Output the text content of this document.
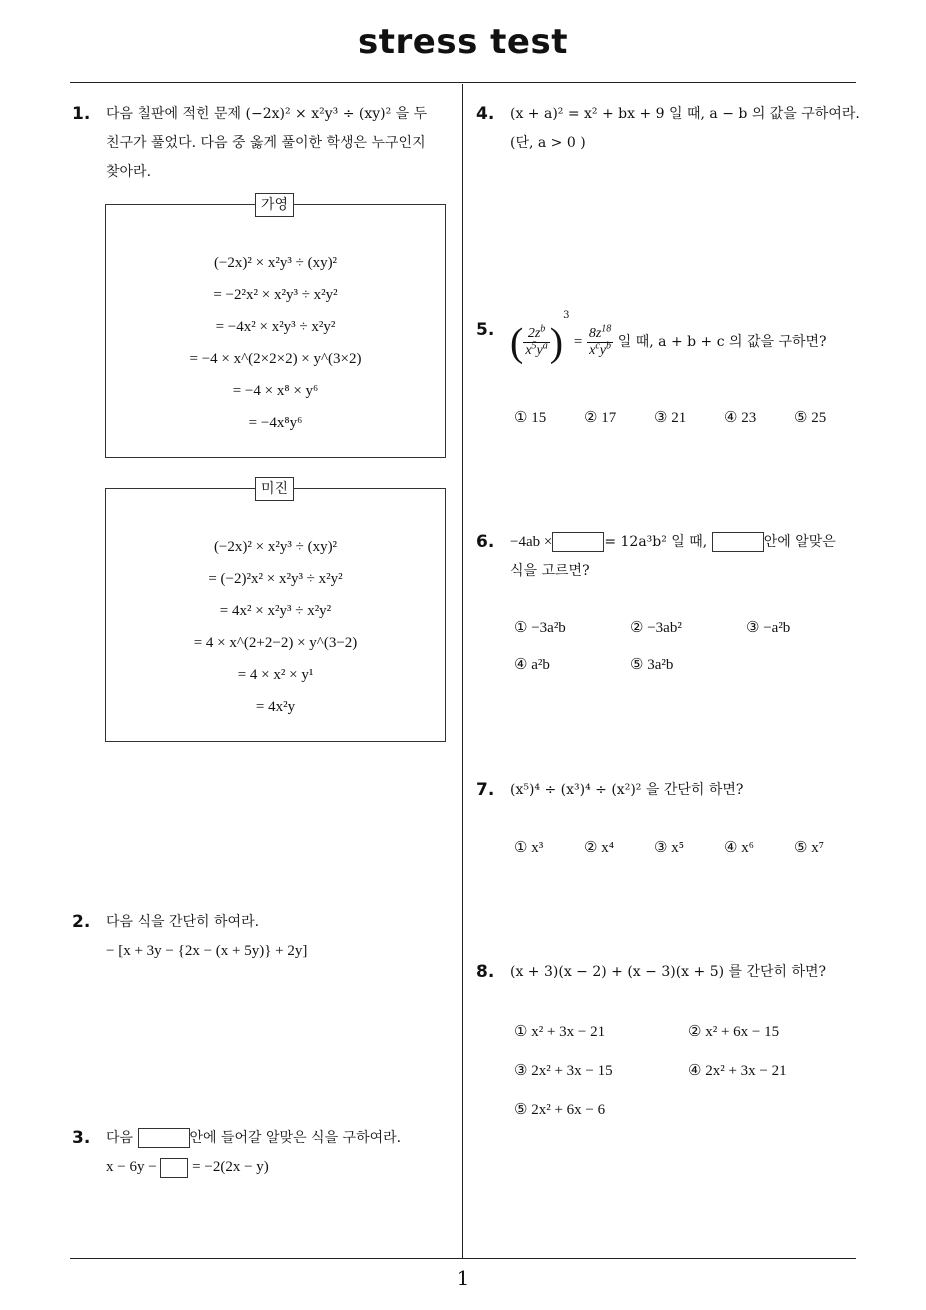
stress test
1
1. 다음 칠판에 적힌 문제 (−2x)² × x²y³ ÷ (xy)² 을 두
친구가 풀었다. 다음 중 옳게 풀이한 학생은 누구인지
찾아라.
(−2x)² × x²y³ ÷ (xy)²
= −2²x² × x²y³ ÷ x²y²
= −4x² × x²y³ ÷ x²y²
= −4 × x^(2×2×2) × y^(3×2)
= −4 × x⁸ × y⁶
= −4x⁸y⁶
가영
(−2x)² × x²y³ ÷ (xy)²
= (−2)²x² × x²y³ ÷ x²y²
= 4x² × x²y³ ÷ x²y²
= 4 × x^(2+2−2) × y^(3−2)
= 4 × x² × y¹
= 4x²y
미진
2. 다음 식을 간단히 하여라.
− [x + 3y − {2x − (x + 5y)} + 2y]
3. 다음	안에 들어갈 알맞은 식을 구하여라.
x − 6y − = −2(2x − y)
4. (x + a)² = x² + bx + 9 일 때, a − b 의 값을 구하여라.
(단, a > 0 )
5. ( $\frac{2z^b}{x^5y^a} )^3 = \frac{8z^{18}}{x^cy^b}$ 일 때, a + b + c 의 값을 구하면?
① 15	② 17	③ 21	④ 23	⑤ 25
6. −4ab ×	= 12a³b² 일 때,	안에 알맞은
식을 고르면?
① −3a²b	② −3ab²	③ −a²b
④ a²b	⑤ 3a²b
7. (x⁵)⁴ ÷ (x³)⁴ ÷ (x²)² 을 간단히 하면?
① x³	② x⁴	③ x⁵	④ x⁶	⑤ x⁷
8. (x + 3)(x − 2) + (x − 3)(x + 5) 를 간단히 하면?
① x² + 3x − 21	② x² + 6x − 15
③ 2x² + 3x − 15	④ 2x² + 3x − 21
⑤ 2x² + 6x − 6
